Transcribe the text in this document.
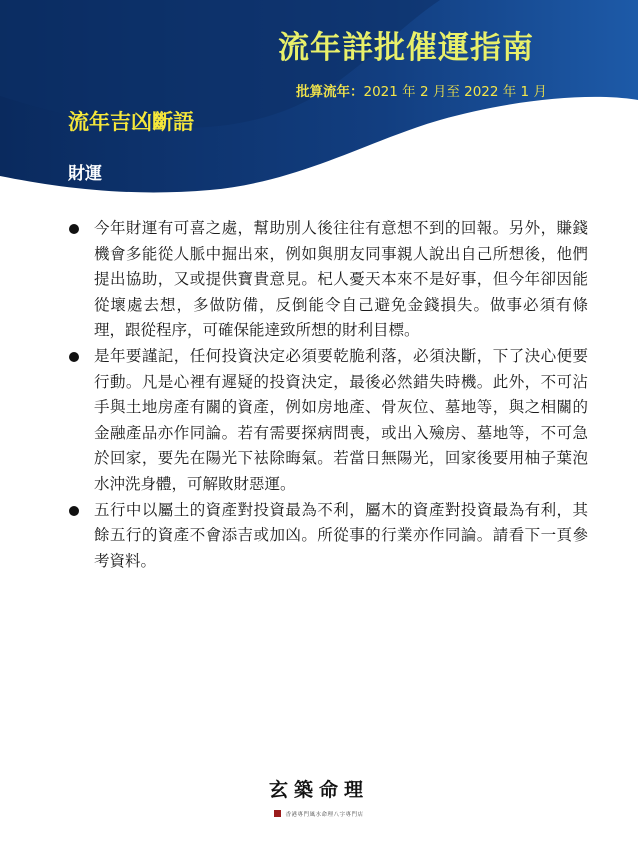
流年詳批催運指南
批算流年：2021 年 2 月至 2022 年 1 月
流年吉凶斷語
財運
今年財運有可喜之處，幫助別人後往往有意想不到的回報。另外，賺錢機會多能從人脈中掘出來，例如與朋友同事親人說出自己所想後，他們提出協助，又或提供寶貴意見。杞人憂天本來不是好事，但今年卻因能從壞處去想，多做防備，反倒能令自己避免金錢損失。做事必須有條理，跟從程序，可確保能達致所想的財利目標。
是年要謹記，任何投資決定必須要乾脆利落，必須決斷，下了決心便要行動。凡是心裡有遲疑的投資決定，最後必然錯失時機。此外，不可沾手與土地房產有關的資產，例如房地產、骨灰位、墓地等，與之相關的金融產品亦作同論。若有需要探病問喪，或出入殮房、墓地等，不可急於回家，要先在陽光下袪除晦氣。若當日無陽光，回家後要用柚子葉泡水沖洗身體，可解敗財惡運。
五行中以屬土的資產對投資最為不利，屬木的資產對投資最為有利，其餘五行的資產不會添吉或加凶。所從事的行業亦作同論。請看下一頁參考資料。
玄築命理
香港專門風水命理八字專門店
